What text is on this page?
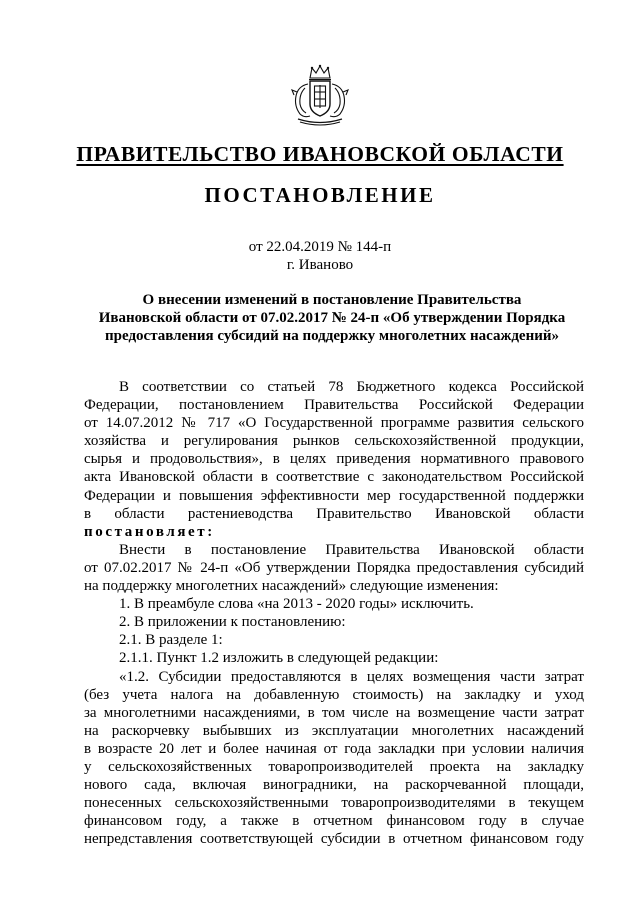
ПРАВИТЕЛЬСТВО ИВАНОВСКОЙ ОБЛАСТИ
ПОСТАНОВЛЕНИЕ
от 22.04.2019 № 144-п
г. Иваново
О внесении изменений в постановление Правительства
Ивановской области от 07.02.2017 № 24-п «Об утверждении Порядка
предоставления субсидий на поддержку многолетних насаждений»

В соответствии со статьей 78 Бюджетного кодекса Российской

Федерации, постановлением Правительства Российской Федерации

от 14.07.2012 № 717 «О Государственной программе развития сельского

хозяйства и регулирования рынков сельскохозяйственной продукции,

сырья и продовольствия», в целях приведения нормативного правового

акта Ивановской области в соответствие с законодательством Российской

Федерации и повышения эффективности мер государственной поддержки

в области растениеводства Правительство Ивановской области

постановляет:

Внести в постановление Правительства Ивановской области

от 07.02.2017 № 24-п «Об утверждении Порядка предоставления субсидий

на поддержку многолетних насаждений» следующие изменения:

1. В преамбуле слова «на 2013 - 2020 годы» исключить.

2. В приложении к постановлению:

2.1. В разделе 1:

2.1.1. Пункт 1.2 изложить в следующей редакции:

«1.2. Субсидии предоставляются в целях возмещения части затрат

(без учета налога на добавленную стоимость) на закладку и уход

за многолетними насаждениями, в том числе на возмещение части затрат

на раскорчевку выбывших из эксплуатации многолетних насаждений

в возрасте 20 лет и более начиная от года закладки при условии наличия

у сельскохозяйственных товаропроизводителей проекта на закладку

нового сада, включая виноградники, на раскорчеванной площади,

понесенных сельскохозяйственными товаропроизводителями в текущем

финансовом году, а также в отчетном финансовом году в случае

непредставления соответствующей субсидии в отчетном финансовом году
